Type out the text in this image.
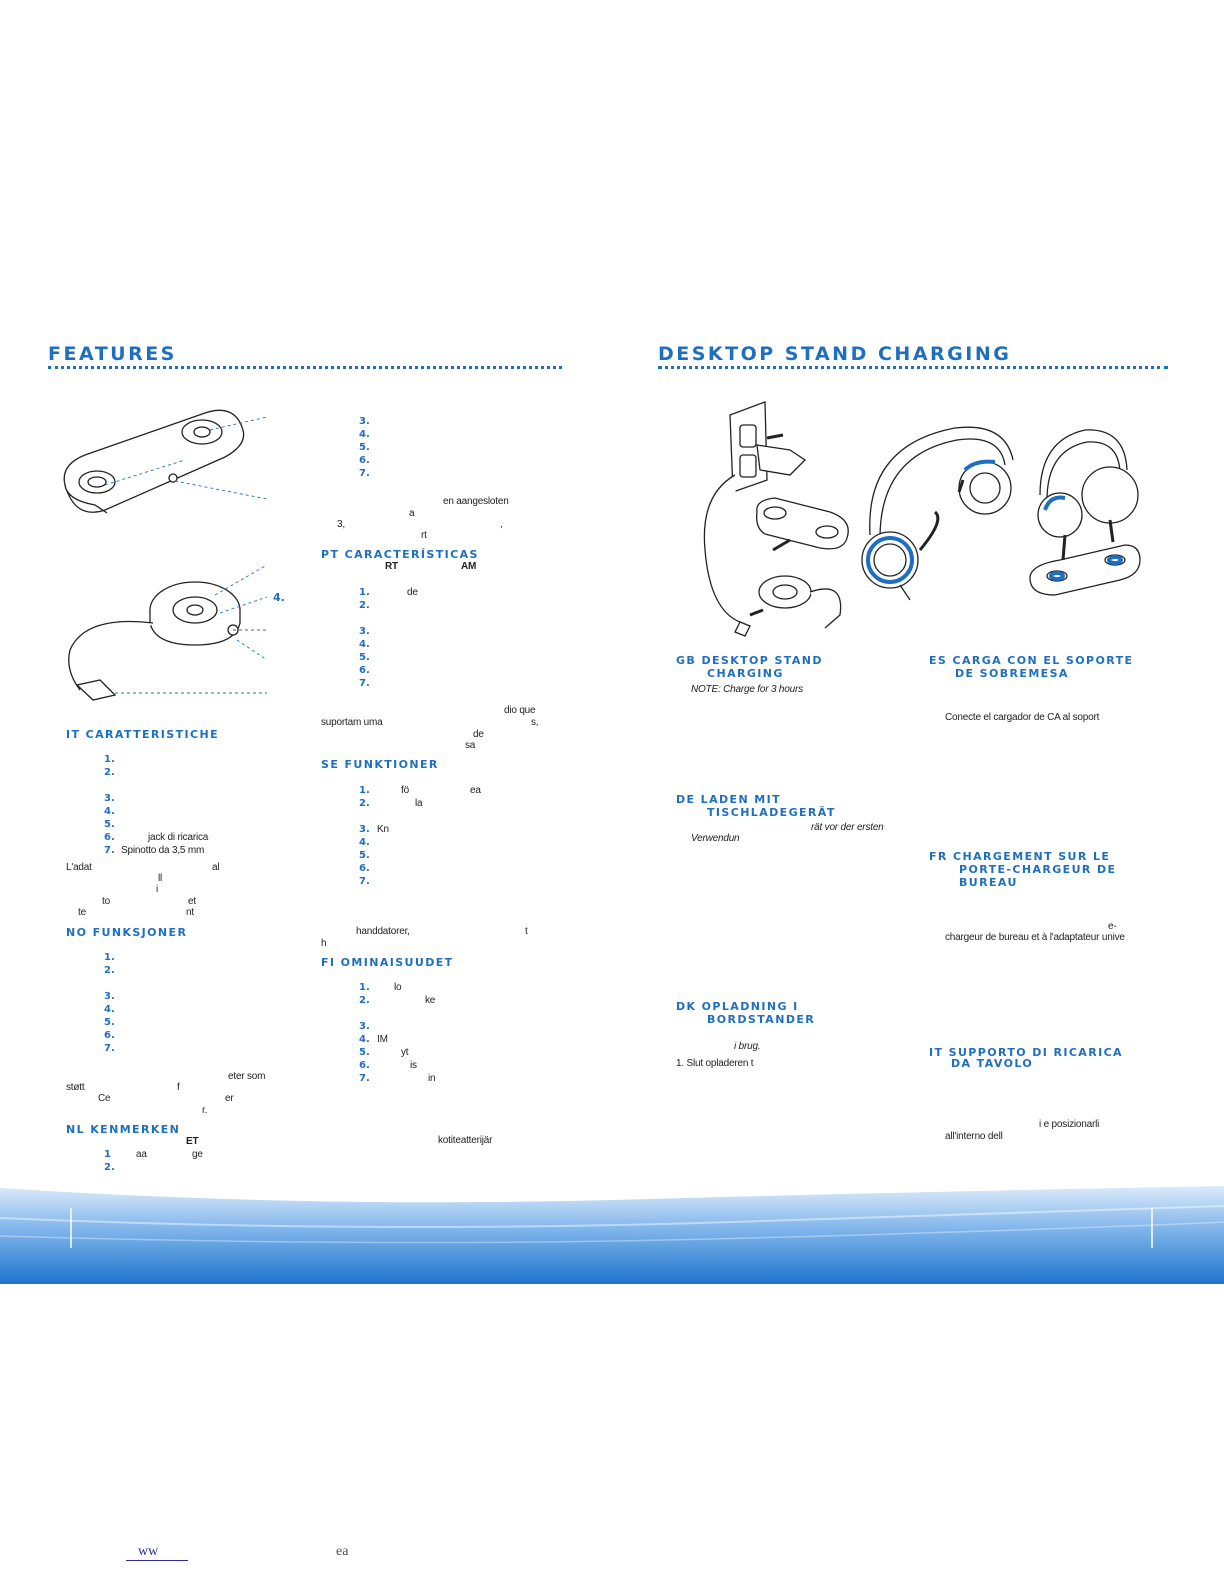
FEATURES
4.
IT CARATTERISTICHE
1.
2.
3.
4.
5.
6.	jack di ricarica
7. Spinotto da 3,5 mm
L'adat	al
ll
i
to	et
te	nt
NO FUNKSJONER
1.
2.
3.
4.
5.
6.
7.
eter som
støtt	f
Ce	er
r.
NL KENMERKEN
ET
1	aa	ge
2.
3.
4.
5.
6.
7.
en aangesloten
a
3,	,
rt
PT CARACTERÍSTICAS
RT	AM
1.	de
2.
3.
4.
5.
6.
7.
dio que
suportam uma	s,
de
sa
SE FUNKTIONER
1.	fö	ea
2.	la
3. Kn
4.
5.
6.
7.
handdatorer,	t
h
FI OMINAISUUDET
1. lo
2.	ke
3.
4. IM
5.	yt
6.	is
7.	in
kotiteatterijär
DESKTOP STAND CHARGING
GB DESKTOP STAND
CHARGING
NOTE: Charge for 3 hours
DE LADEN MIT
TISCHLADEGERÄT
rät vor der ersten
Verwendun
DK OPLADNING I
BORDSTANDER
i brug.
1. Slut opladeren t
ES CARGA CON EL SOPORTE
DE SOBREMESA
Conecte el cargador de CA al soport
FR CHARGEMENT SUR LE
PORTE-CHARGEUR DE
BUREAU
e-
chargeur de bureau et à l'adaptateur unive
IT SUPPORTO DI RICARICA
DA TAVOLO
i e posizionarli
all'interno dell
ww	ea
